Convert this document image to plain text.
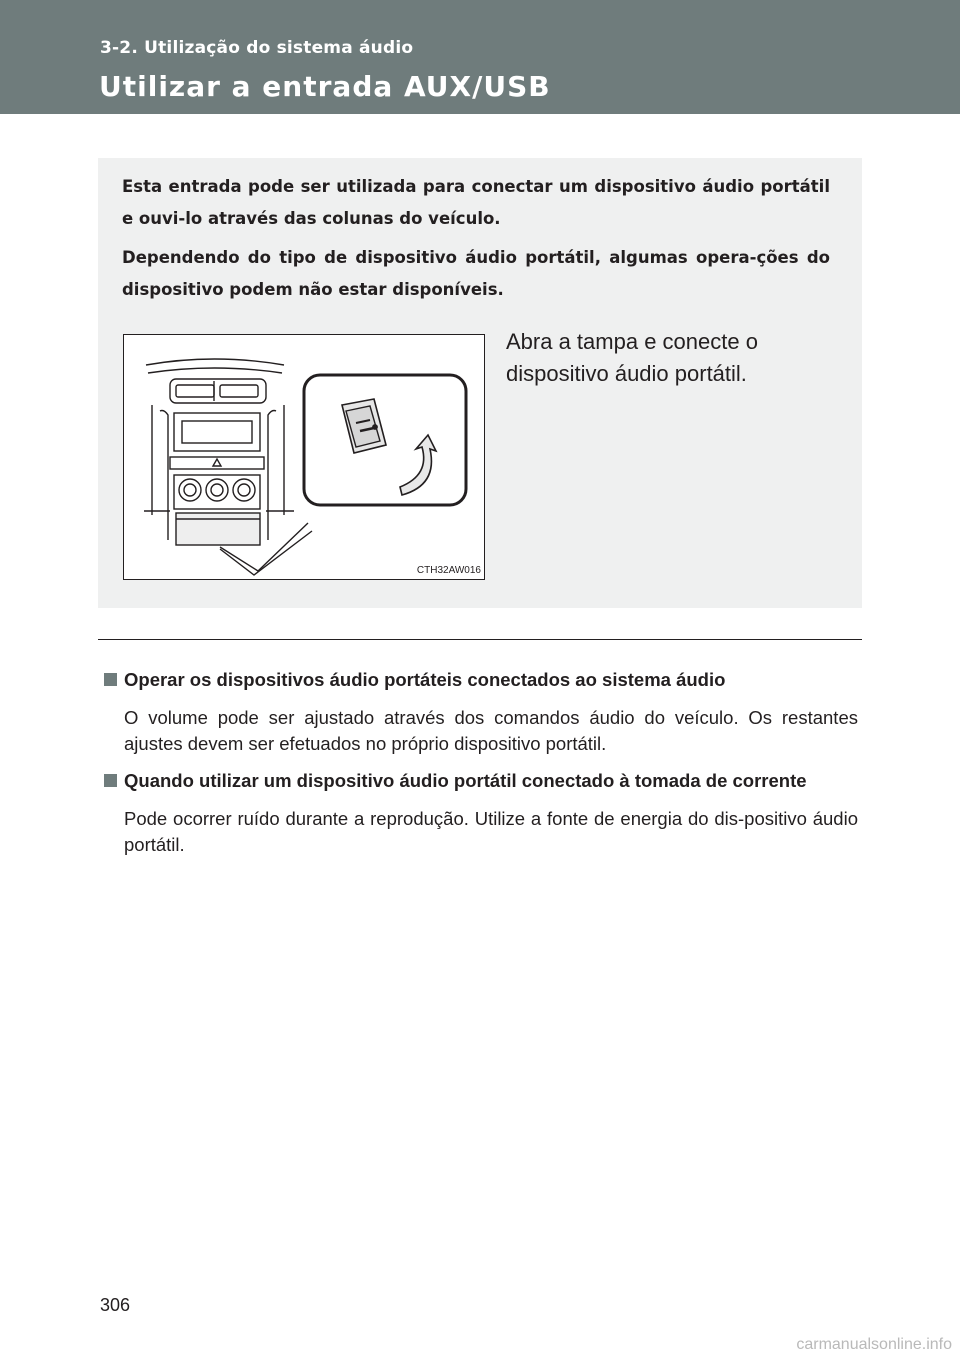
3-2. Utilização do sistema áudio
Utilizar a entrada AUX/USB

Esta entrada pode ser utilizada para conectar um dispositivo áudio portátil e ouvi-lo através das colunas do veículo.

Dependendo do tipo de dispositivo áudio portátil, algumas opera-ções do dispositivo podem não estar disponíveis.

CTH32AW016

Abra a tampa e conecte o dispositivo áudio portátil.

Operar os dispositivos áudio portáteis conectados ao sistema áudio

O volume pode ser ajustado através dos comandos áudio do veículo. Os restantes ajustes devem ser efetuados no próprio dispositivo portátil.

Quando utilizar um dispositivo áudio portátil conectado à tomada de corrente

Pode ocorrer ruído durante a reprodução. Utilize a fonte de energia do dis-positivo áudio portátil.

306
carmanualsonline.info
